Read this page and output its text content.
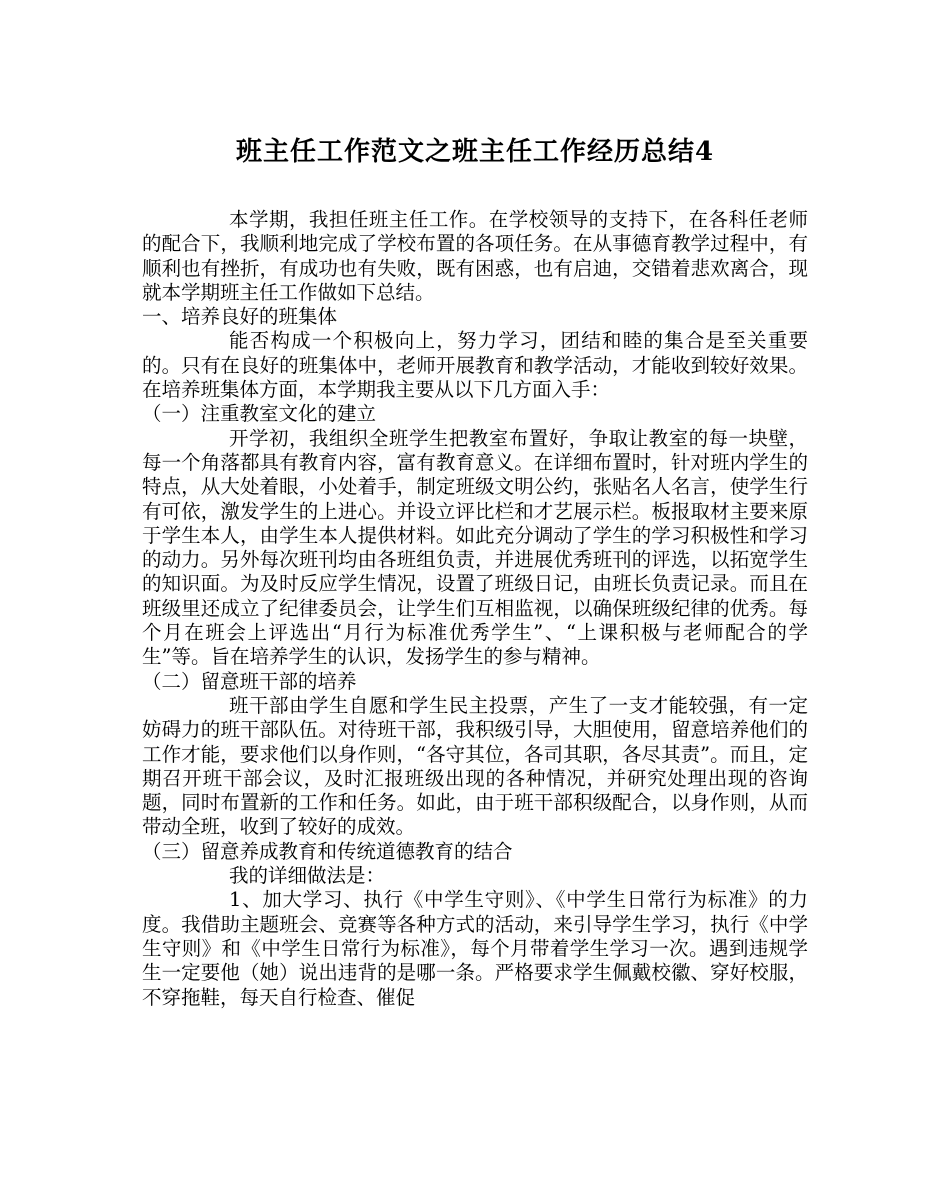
班主任工作范文之班主任工作经历总结4

本学期，我担任班主任工作。在学校领导的支持下，在各科任老师的配合下，我顺利地完成了学校布置的各项任务。在从事德育教学过程中，有顺利也有挫折，有成功也有失败，既有困惑，也有启迪，交错着悲欢离合，现就本学期班主任工作做如下总结。

一、培养良好的班集体

能否构成一个积极向上，努力学习，团结和睦的集合是至关重要的。只有在良好的班集体中，老师开展教育和教学活动，才能收到较好效果。在培养班集体方面，本学期我主要从以下几方面入手：

（一）注重教室文化的建立

开学初，我组织全班学生把教室布置好，争取让教室的每一块壁，每一个角落都具有教育内容，富有教育意义。在详细布置时，针对班内学生的特点，从大处着眼，小处着手，制定班级文明公约，张贴名人名言，使学生行有可依，激发学生的上进心。并设立评比栏和才艺展示栏。板报取材主要来原于学生本人，由学生本人提供材料。如此充分调动了学生的学习积极性和学习的动力。另外每次班刊均由各班组负责，并进展优秀班刊的评选，以拓宽学生的知识面。为及时反应学生情况，设置了班级日记，由班长负责记录。而且在班级里还成立了纪律委员会，让学生们互相监视，以确保班级纪律的优秀。每个月在班会上评选出“月行为标准优秀学生”、“上课积极与老师配合的学生”等。旨在培养学生的认识，发扬学生的参与精神。

（二）留意班干部的培养

班干部由学生自愿和学生民主投票，产生了一支才能较强，有一定妨碍力的班干部队伍。对待班干部，我积级引导，大胆使用，留意培养他们的工作才能，要求他们以身作则，“各守其位，各司其职，各尽其责”。而且，定期召开班干部会议，及时汇报班级出现的各种情况，并研究处理出现的咨询题，同时布置新的工作和任务。如此，由于班干部积级配合，以身作则，从而带动全班，收到了较好的成效。

（三）留意养成教育和传统道德教育的结合

我的详细做法是：

1、加大学习、执行《中学生守则》、《中学生日常行为标准》的力度。我借助主题班会、竞赛等各种方式的活动，来引导学生学习，执行《中学生守则》和《中学生日常行为标准》，每个月带着学生学习一次。遇到违规学生一定要他（她）说出违背的是哪一条。严格要求学生佩戴校徽、穿好校服，不穿拖鞋，每天自行检查、催促
